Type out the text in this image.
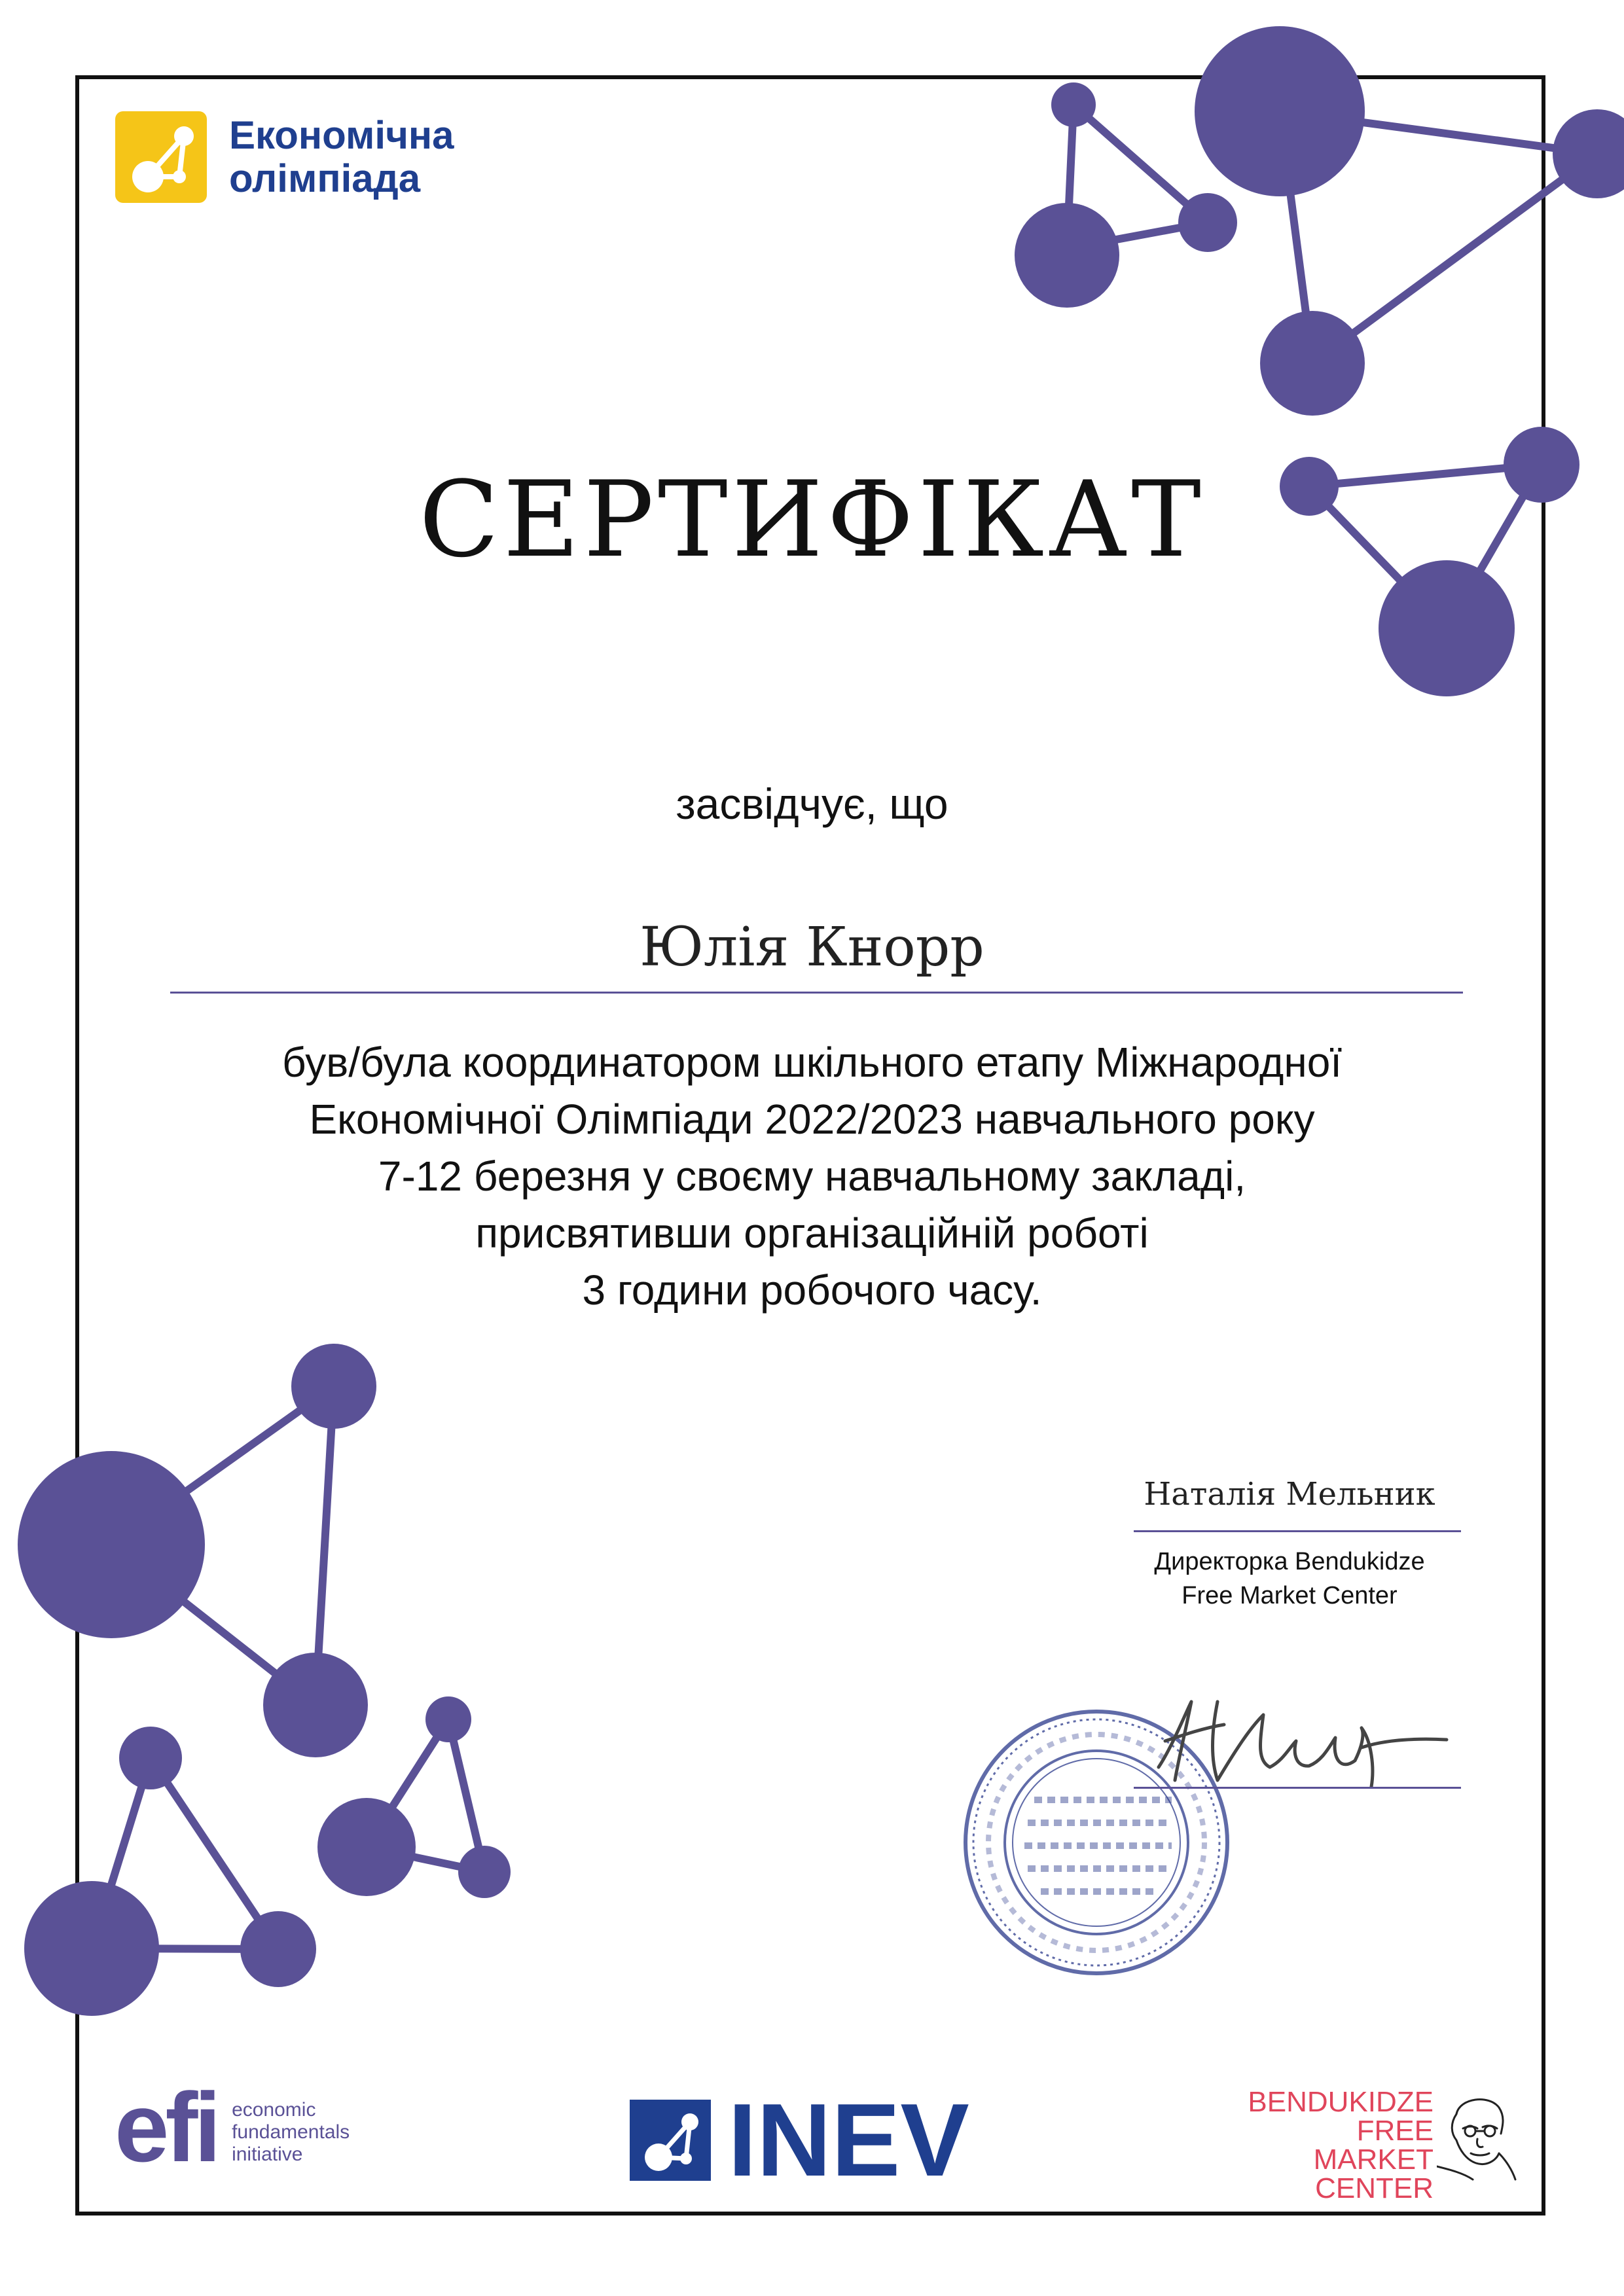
Економічна
олімпіада
СЕРТИФІКАТ
засвідчує, що
Юлія Кнорр
був/була координатором шкільного етапу Міжнародної
Економічної Олімпіади 2022/2023 навчального року
7-12 березня у своєму навчальному закладі,
присвятивши організаційній роботі
3 години робочого часу.
Наталія Мельник
Директорка Bendukidze
Free Market Center
efi economic
fundamentals
initiative	INEV	BENDUKIDZE
FREE MARKET
CENTER
